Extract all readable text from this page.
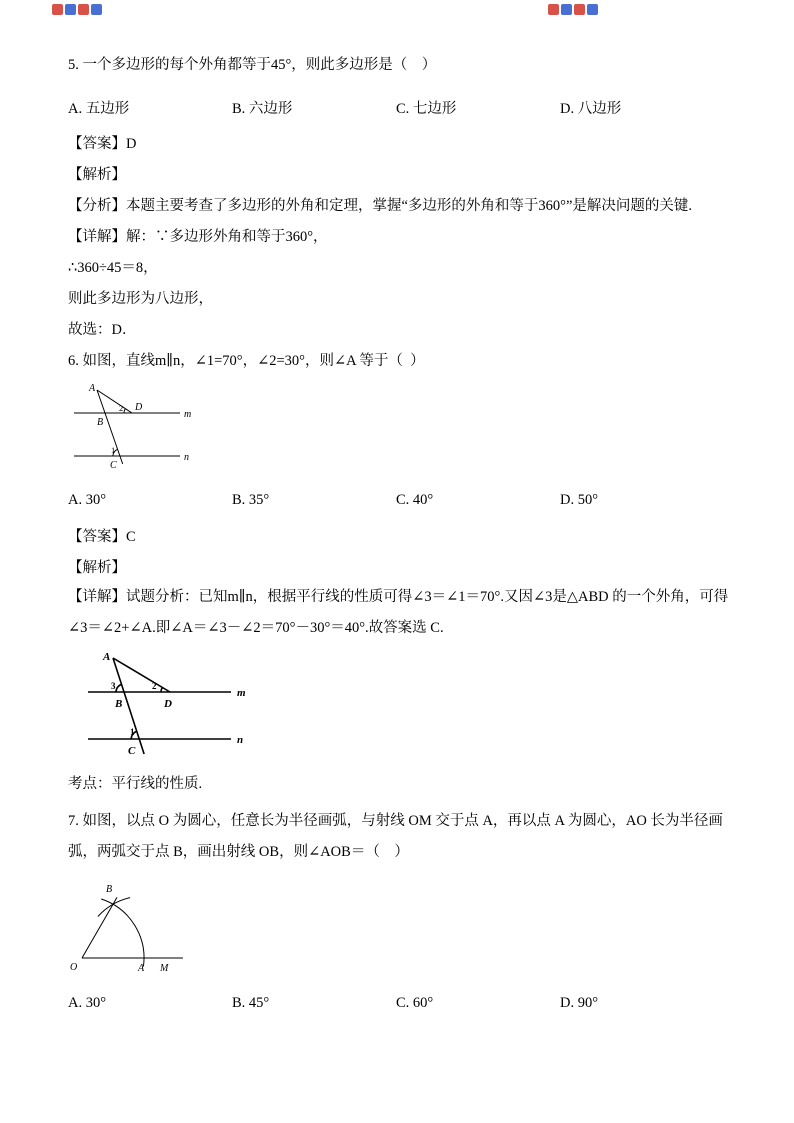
5. 一个多边形的每个外角都等于45°，则此多边形是（    ）
A. 五边形	B. 六边形	C. 七边形	D. 八边形
【答案】D
【解析】
【分析】本题主要考查了多边形的外角和定理，掌握“多边形的外角和等于360°”是解决问题的关键.
【详解】解：∵多边形外角和等于360°，
∴360÷45＝8，
则此多边形为八边形，
故选：D．
6. 如图，直线m∥n，∠1=70°，∠2=30°，则∠A 等于（  ）
A
B
D
C
m
n
2
1
A. 30°	B. 35°	C. 40°	D. 50°
【答案】C
【解析】
【详解】试题分析：已知m∥n，根据平行线的性质可得∠3＝∠1＝70°.又因∠3是△ABD 的一个外角，可得∠3＝∠2+∠A.即∠A＝∠3－∠2＝70°－30°＝40°.故答案选 C.
A
B	D
C
m
n
3	2
1
考点：平行线的性质.
7. 如图，以点 O 为圆心，任意长为半径画弧，与射线 OM 交于点 A，再以点 A 为圆心，AO 长为半径画
弧，两弧交于点 B，画出射线 OB，则∠AOB＝（    ）
O	A M
B
A. 30°	B. 45°	C. 60°	D. 90°
